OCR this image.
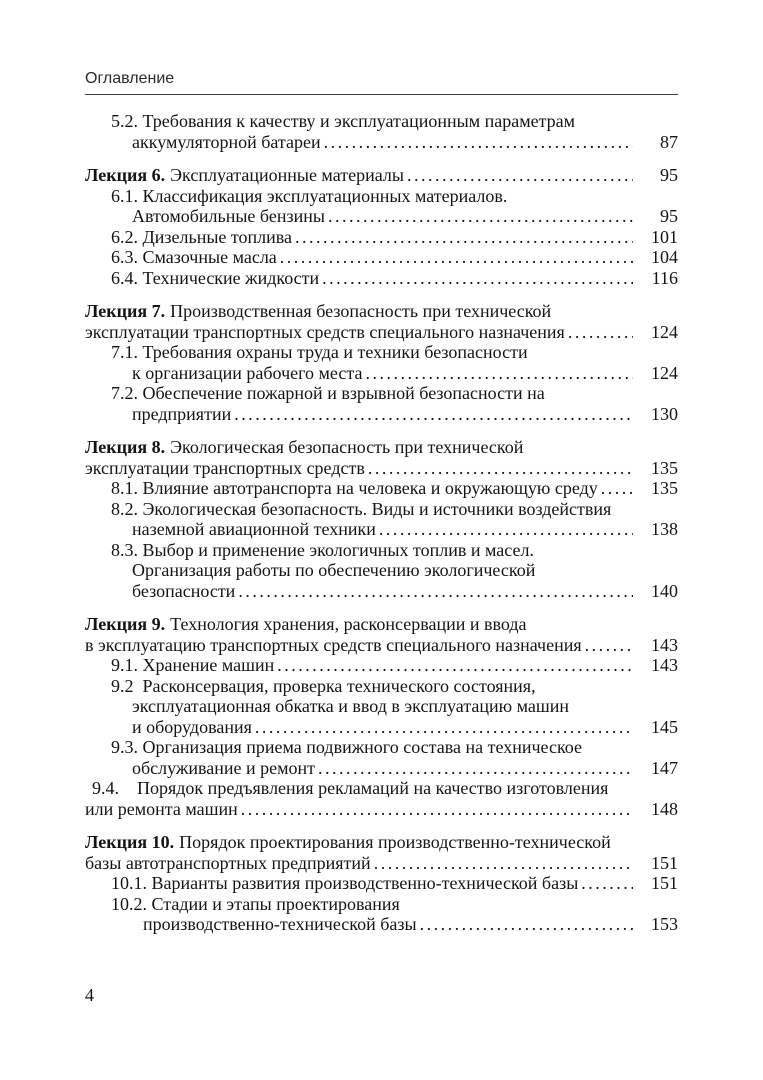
Оглавление
5.2. Требования к качеству и эксплуатационным параметрам
аккумуляторной батареи .....	87
Лекция 6. Эксплуатационные материалы .....	95
6.1. Классификация эксплуатационных материалов.
Автомобильные бензины .....	95
6.2. Дизельные топлива .....	101
6.3. Смазочные масла .....	104
6.4. Технические жидкости .....	116
Лекция 7. Производственная безопасность при технической
эксплуатации транспортных средств специального назначения .....	124
7.1. Требования охраны труда и техники безопасности
к организации рабочего места .....	124
7.2. Обеспечение пожарной и взрывной безопасности на
предприятии .....	130
Лекция 8. Экологическая безопасность при технической
эксплуатации транспортных средств .....	135
8.1. Влияние автотранспорта на человека и окружающую среду .....	135
8.2. Экологическая безопасность. Виды и источники воздействия
наземной авиационной техники .....	138
8.3. Выбор и применение экологичных топлив и масел.
Организация работы по обеспечению экологической
безопасности .....	140
Лекция 9. Технология хранения, расконсервации и ввода
в эксплуатацию транспортных средств специального назначения .....	143
9.1. Хранение машин .....	143
9.2  Расконсервация, проверка технического состояния,
эксплуатационная обкатка и ввод в эксплуатацию машин
и оборудования .....	145
9.3. Организация приема подвижного состава на техническое
обслуживание и ремонт .....	147
9.4.    Порядок предъявления рекламаций на качество изготовления
или ремонта машин .....	148
Лекция 10. Порядок проектирования производственно-технической
базы автотранспортных предприятий .....	151
10.1. Варианты развития производственно-технической базы .....	151
10.2. Стадии и этапы проектирования
производственно-технической базы .....	153
4
